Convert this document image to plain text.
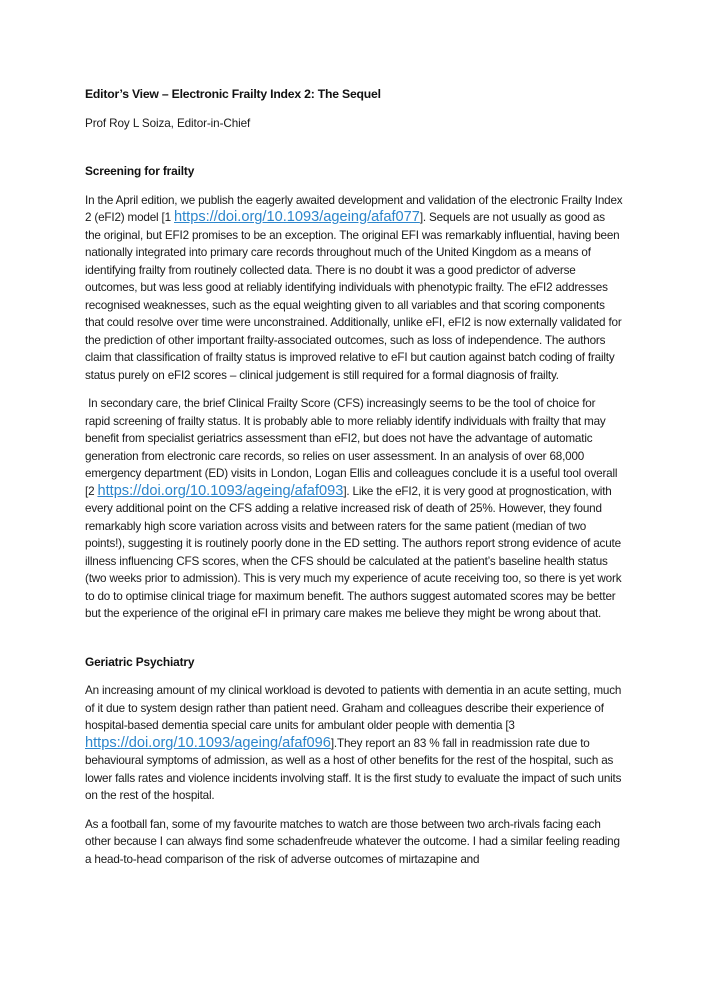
Editor’s View – Electronic Frailty Index 2: The Sequel

Prof Roy L Soiza, Editor-in-Chief

Screening for frailty

In the April edition, we publish the eagerly awaited development and validation of the electronic Frailty Index 2 (eFI2) model [1 https://doi.org/10.1093/ageing/afaf077]. Sequels are not usually as good as the original, but EFI2 promises to be an exception. The original EFI was remarkably influential, having been nationally integrated into primary care records throughout much of the United Kingdom as a means of identifying frailty from routinely collected data. There is no doubt it was a good predictor of adverse outcomes, but was less good at reliably identifying individuals with phenotypic frailty. The eFI2 addresses recognised weaknesses, such as the equal weighting given to all variables and that scoring components that could resolve over time were unconstrained. Additionally, unlike eFI, eFI2 is now externally validated for the prediction of other important frailty-associated outcomes, such as loss of independence. The authors claim that classification of frailty status is improved relative to eFI but caution against batch coding of frailty status purely on eFI2 scores – clinical judgement is still required for a formal diagnosis of frailty.

In secondary care, the brief Clinical Frailty Score (CFS) increasingly seems to be the tool of choice for rapid screening of frailty status. It is probably able to more reliably identify individuals with frailty that may benefit from specialist geriatrics assessment than eFI2, but does not have the advantage of automatic generation from electronic care records, so relies on user assessment. In an analysis of over 68,000 emergency department (ED) visits in London, Logan Ellis and colleagues conclude it is a useful tool overall [2 https://doi.org/10.1093/ageing/afaf093]. Like the eFI2, it is very good at prognostication, with every additional point on the CFS adding a relative increased risk of death of 25%. However, they found remarkably high score variation across visits and between raters for the same patient (median of two points!), suggesting it is routinely poorly done in the ED setting. The authors report strong evidence of acute illness influencing CFS scores, when the CFS should be calculated at the patient’s baseline health status (two weeks prior to admission). This is very much my experience of acute receiving too, so there is yet work to do to optimise clinical triage for maximum benefit. The authors suggest automated scores may be better but the experience of the original eFI in primary care makes me believe they might be wrong about that.

Geriatric Psychiatry

An increasing amount of my clinical workload is devoted to patients with dementia in an acute setting, much of it due to system design rather than patient need. Graham and colleagues describe their experience of hospital-based dementia special care units for ambulant older people with dementia [3 https://doi.org/10.1093/ageing/afaf096].They report an 83 % fall in readmission rate due to behavioural symptoms of admission, as well as a host of other benefits for the rest of the hospital, such as lower falls rates and violence incidents involving staff. It is the first study to evaluate the impact of such units on the rest of the hospital.

As a football fan, some of my favourite matches to watch are those between two arch-rivals facing each other because I can always find some schadenfreude whatever the outcome. I had a similar feeling reading a head-to-head comparison of the risk of adverse outcomes of mirtazapine and
